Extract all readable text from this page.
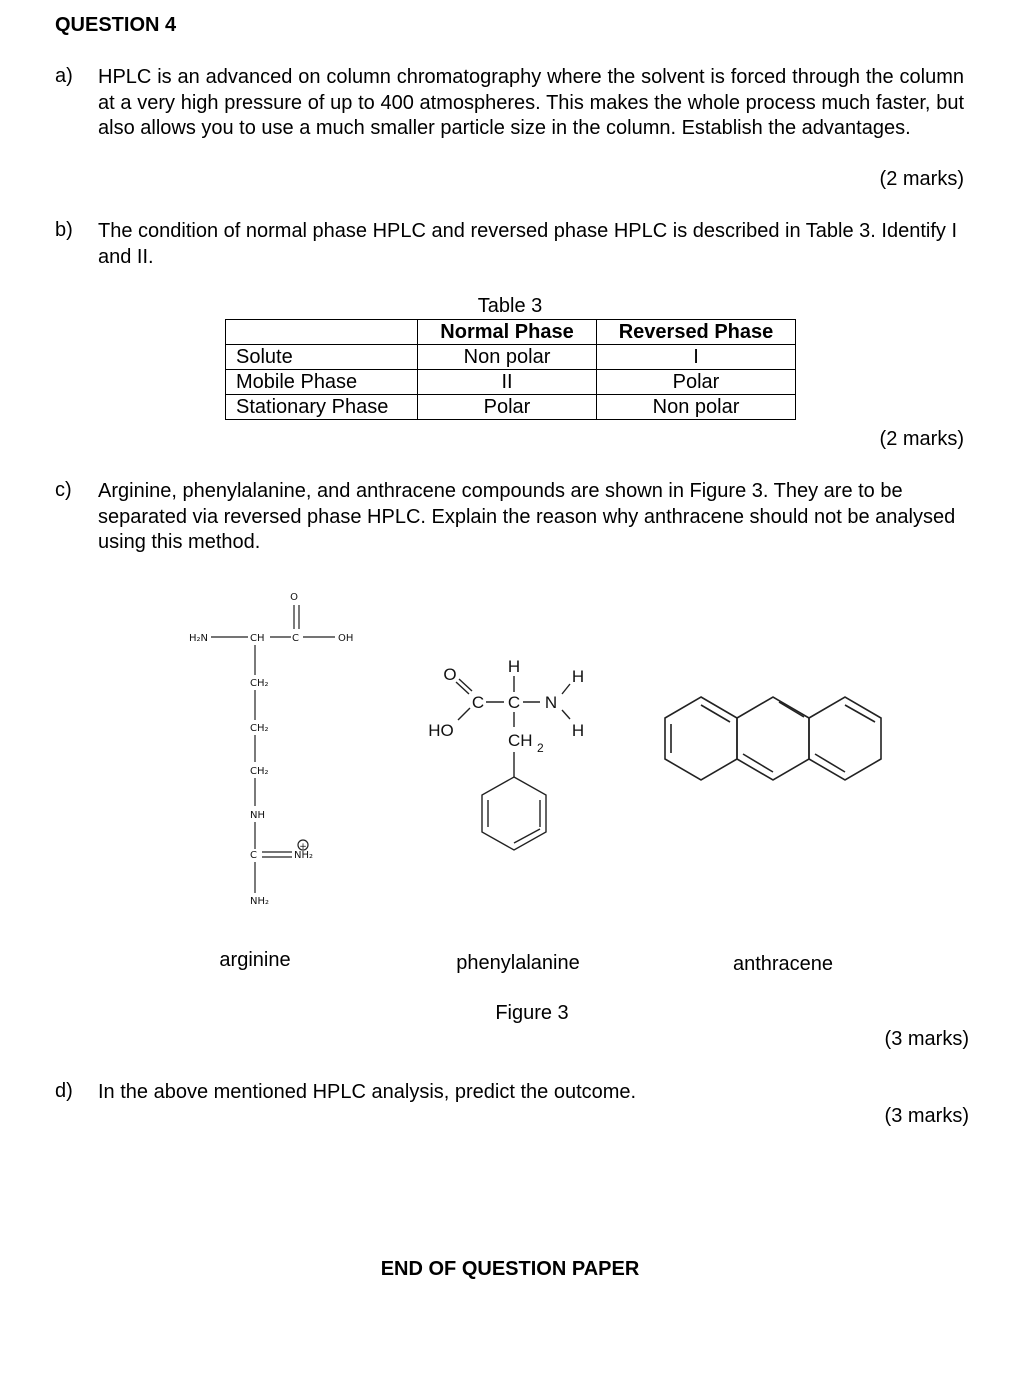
QUESTION 4
a) HPLC is an advanced on column chromatography where the solvent is forced through the column at a very high pressure of up to 400 atmospheres. This makes the whole process much faster, but also allows you to use a much smaller particle size in the column. Establish the advantages.
(2 marks)
b) The condition of normal phase HPLC and reversed phase HPLC is described in Table 3. Identify I and II.
Table 3
	Normal Phase	Reversed Phase
Solute	Non polar	I
Mobile Phase	II	Polar
Stationary Phase	Polar	Non polar
(2 marks)
c) Arginine, phenylalanine, and anthracene compounds are shown in Figure 3. They are to be separated via reversed phase HPLC. Explain the reason why anthracene should not be analysed using this method.
O
H₂N	CH	C	OH
CH₂
CH₂
CH₂
NH
C	NH₂
+
NH₂
O
C
HO
H
C N
H
H
CH 2
arginine	phenylalanine	anthracene
Figure 3
(3 marks)
d) In the above mentioned HPLC analysis, predict the outcome.
(3 marks)
END OF QUESTION PAPER
